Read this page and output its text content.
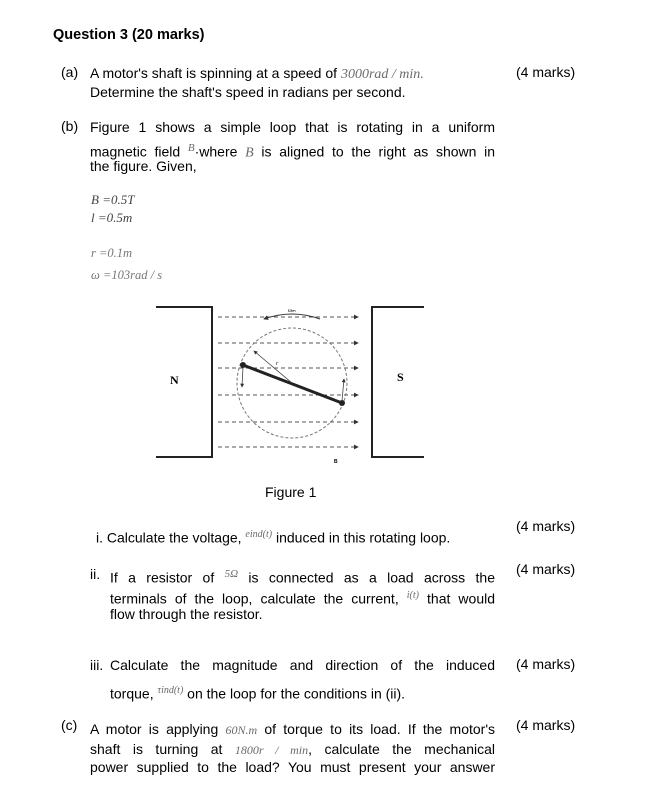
Question 3 (20 marks)
(a) A motor's shaft is spinning at a speed of 3000rad / min.
Determine the shaft's speed in radians per second.
(4 marks)
(b) Figure 1 shows a simple loop that is rotating in a uniform
magnetic field $^B$·where B is aligned to the right as shown in
the figure. Given,
B =0.5T
l =0.5m
r =0.1m
ω =103rad / s
N	S
B
ωₘ
r
Figure 1
(4 marks)
i. Calculate the voltage, $^{eind(t)}$ induced in this rotating loop.
(4 marks)
ii. If a resistor of $^{5\Omega}$ is connected as a load across the
terminals of the loop, calculate the current, $^{i(t)}$ that would
flow through the resistor.
(4 marks)
iii. Calculate the magnitude and direction of the induced
torque, $^{\tau ind(t)}$ on the loop for the conditions in (ii).
(c)	(4 marks)
A motor is applying 60N.m of torque to its load. If the motor's
shaft is turning at 1800r / min, calculate the mechanical
power supplied to the load? You must present your answer
